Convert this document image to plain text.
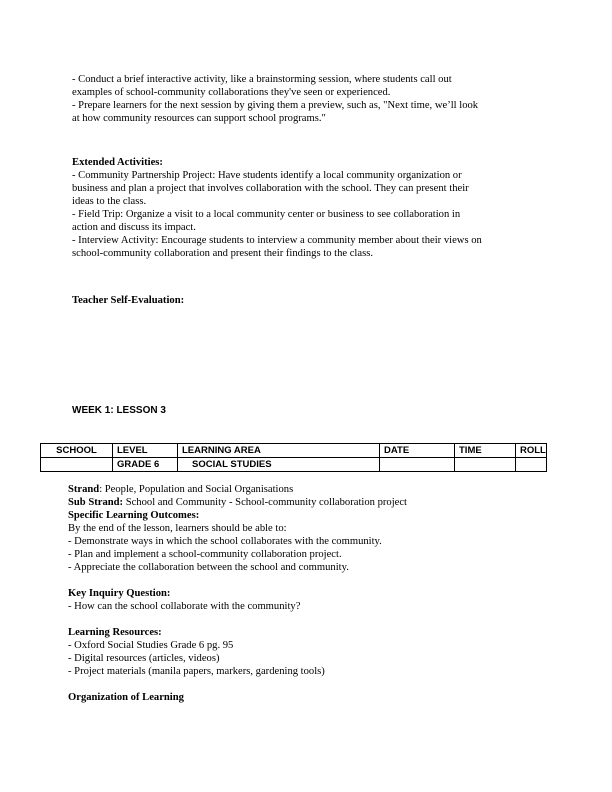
- Conduct a brief interactive activity, like a brainstorming session, where students call out

examples of school-community collaborations they've seen or experienced.

- Prepare learners for the next session by giving them a preview, such as, "Next time, we’ll look

at how community resources can support school programs."

Extended Activities:

- Community Partnership Project: Have students identify a local community organization or

business and plan a project that involves collaboration with the school. They can present their

ideas to the class.

- Field Trip: Organize a visit to a local community center or business to see collaboration in

action and discuss its impact.

- Interview Activity: Encourage students to interview a community member about their views on

school-community collaboration and present their findings to the class.

Teacher Self-Evaluation:
WEEK 1: LESSON 3
SCHOOL	LEVEL	LEARNING AREA	DATE	TIME	ROLL
	GRADE 6	SOCIAL STUDIES			

Strand: People, Population and Social Organisations

Sub Strand: School and Community - School-community collaboration project

Specific Learning Outcomes:

By the end of the lesson, learners should be able to:

- Demonstrate ways in which the school collaborates with the community.

- Plan and implement a school-community collaboration project.

- Appreciate the collaboration between the school and community.

Key Inquiry Question:

- How can the school collaborate with the community?

Learning Resources:

- Oxford Social Studies Grade 6 pg. 95

- Digital resources (articles, videos)

- Project materials (manila papers, markers, gardening tools)

Organization of Learning
